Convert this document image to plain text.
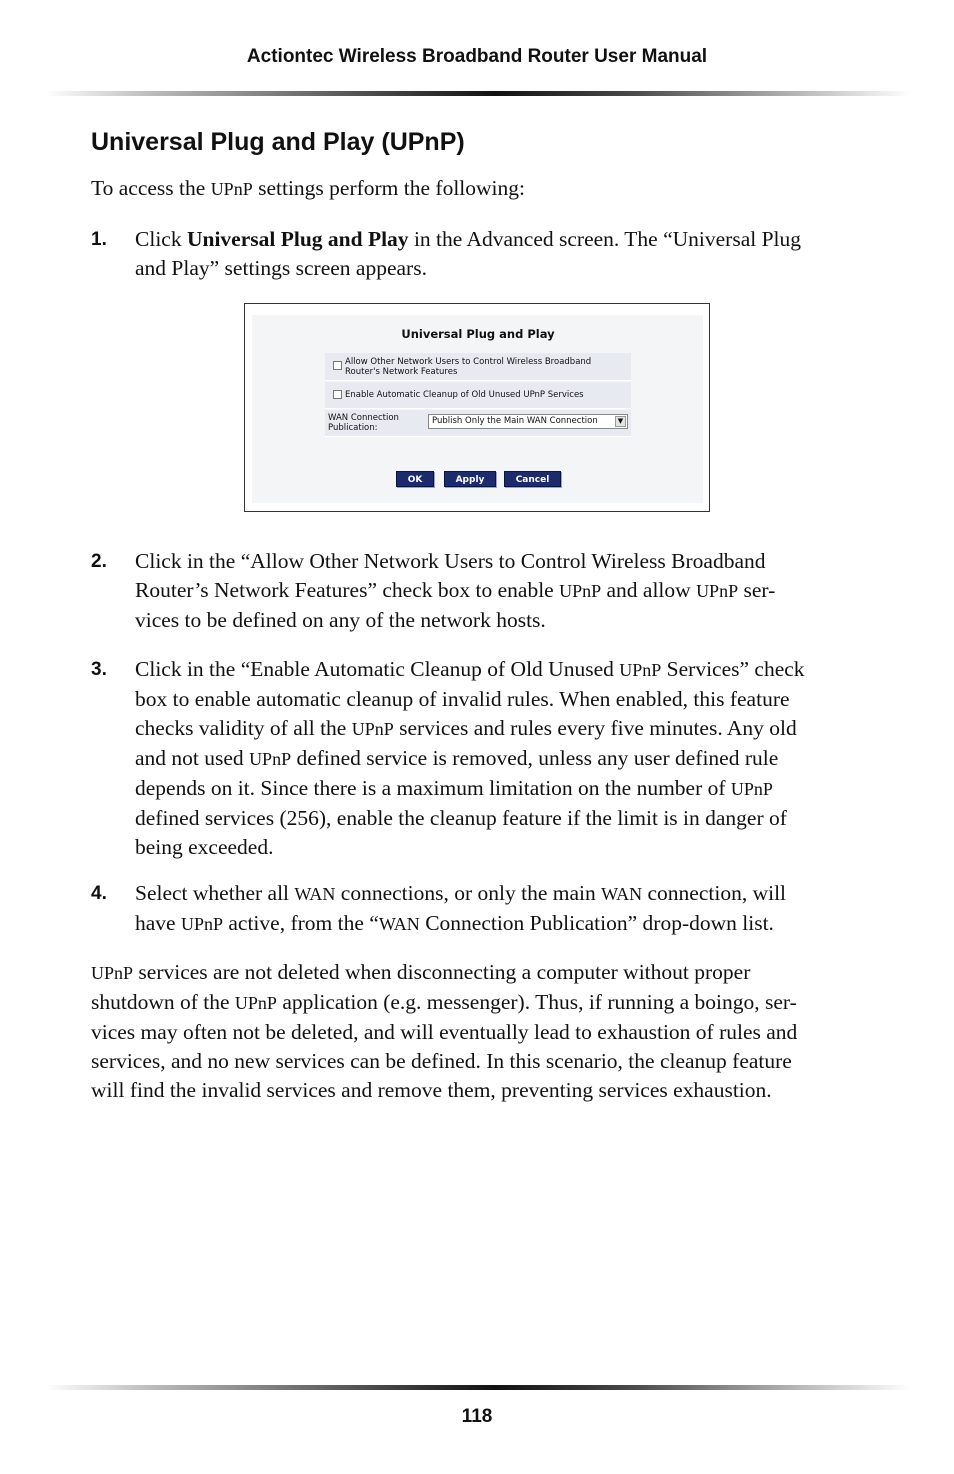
Actiontec Wireless Broadband Router User Manual
Universal Plug and Play (UPnP)

To access the UPnP settings perform the following:

1. Click Universal Plug and Play in the Advanced screen. The “Universal Plug
and Play” settings screen appears.

Universal Plug and Play
Allow Other Network Users to Control Wireless Broadband
Router's Network Features
Enable Automatic Cleanup of Old Unused UPnP Services
WAN Connection
Publication:
Publish Only the Main WAN Connection	▼
OK	Apply	Cancel
2. Click in the “Allow Other Network Users to Control Wireless Broadband
Router’s Network Features” check box to enable UPnP and allow UPnP ser-
vices to be defined on any of the network hosts.

3. Click in the “Enable Automatic Cleanup of Old Unused UPnP Services” check
box to enable automatic cleanup of invalid rules. When enabled, this feature
checks validity of all the UPnP services and rules every five minutes. Any old
and not used UPnP defined service is removed, unless any user defined rule
depends on it. Since there is a maximum limitation on the number of UPnP
defined services (256), enable the cleanup feature if the limit is in danger of
being exceeded.

4. Select whether all WAN connections, or only the main WAN connection, will
have UPnP active, from the “WAN Connection Publication” drop-down list.

UPnP services are not deleted when disconnecting a computer without proper
shutdown of the UPnP application (e.g. messenger). Thus, if running a boingo, ser-
vices may often not be deleted, and will eventually lead to exhaustion of rules and
services, and no new services can be defined. In this scenario, the cleanup feature
will find the invalid services and remove them, preventing services exhaustion.

118
